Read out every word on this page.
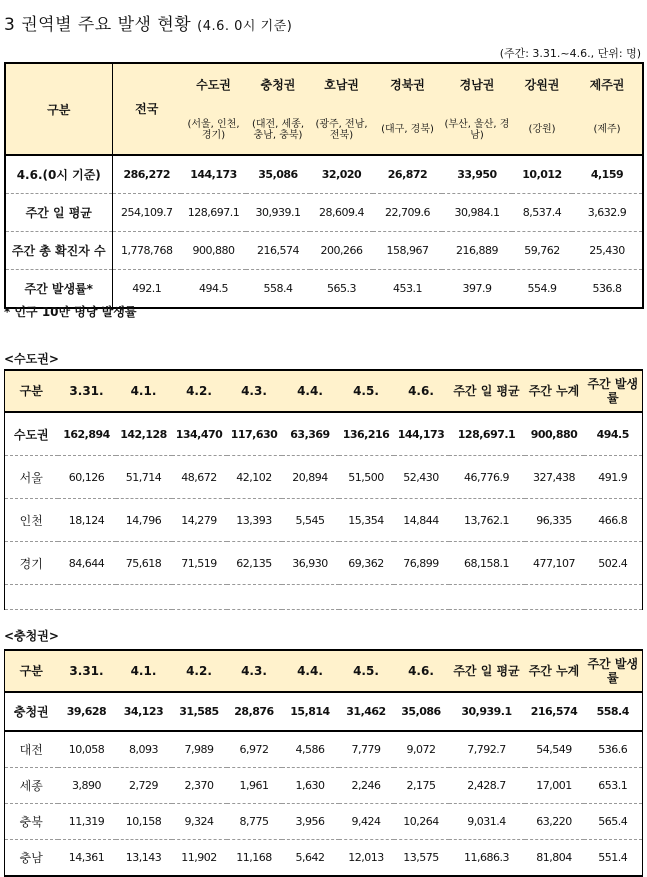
3 권역별 주요 발생 현황 (4.6. 0시 기준)
(주간: 3.31.~4.6., 단위: 명)
구분	전국	수도권	충청권	호남권	경북권	경남권	강원권	제주권
		(서울, 인천, 경기)	(대전, 세종, 충남, 충북)	(광주, 전남, 전북)	(대구, 경북)	(부산, 울산, 경남)	(강원)	(제주)
4.6.(0시 기준)	286,272	144,173	35,086	32,020	26,872	33,950	10,012	4,159
주간 일 평균	254,109.7	128,697.1	30,939.1	28,609.4	22,709.6	30,984.1	8,537.4	3,632.9
주간 총 확진자 수	1,778,768	900,880	216,574	200,266	158,967	216,889	59,762	25,430
주간 발생률*	492.1	494.5	558.4	565.3	453.1	397.9	554.9	536.8
* 인구 10만 명당 발생률
<수도권>
구분	3.31.	4.1.	4.2.	4.3.	4.4.	4.5.	4.6.	주간 일 평균	주간 누계	주간 발생률
수도권	162,894	142,128	134,470	117,630	63,369	136,216	144,173	128,697.1	900,880	494.5
서울	60,126	51,714	48,672	42,102	20,894	51,500	52,430	46,776.9	327,438	491.9
인천	18,124	14,796	14,279	13,393	5,545	15,354	14,844	13,762.1	96,335	466.8
경기	84,644	75,618	71,519	62,135	36,930	69,362	76,899	68,158.1	477,107	502.4

<충청권>
구분	3.31.	4.1.	4.2.	4.3.	4.4.	4.5.	4.6.	주간 일 평균	주간 누계	주간 발생률
충청권	39,628	34,123	31,585	28,876	15,814	31,462	35,086	30,939.1	216,574	558.4
대전	10,058	8,093	7,989	6,972	4,586	7,779	9,072	7,792.7	54,549	536.6
세종	3,890	2,729	2,370	1,961	1,630	2,246	2,175	2,428.7	17,001	653.1
충북	11,319	10,158	9,324	8,775	3,956	9,424	10,264	9,031.4	63,220	565.4
충남	14,361	13,143	11,902	11,168	5,642	12,013	13,575	11,686.3	81,804	551.4
